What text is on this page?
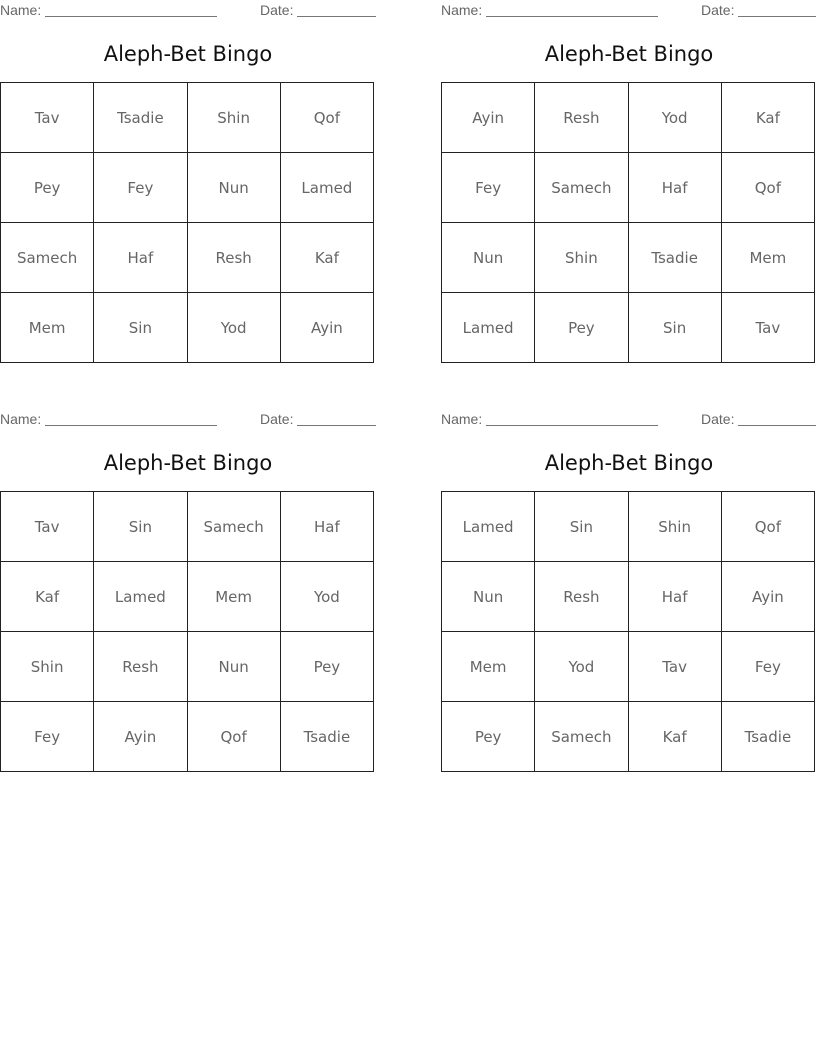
Name:	Date:
Aleph-Bet Bingo
Tav	Tsadie	Shin	Qof
Pey	Fey	Nun	Lamed
Samech	Haf	Resh	Kaf
Mem	Sin	Yod	Ayin
Name:	Date:
Aleph-Bet Bingo
Ayin	Resh	Yod	Kaf
Fey	Samech	Haf	Qof
Nun	Shin	Tsadie	Mem
Lamed	Pey	Sin	Tav
Name:	Date:
Aleph-Bet Bingo
Tav	Sin	Samech	Haf
Kaf	Lamed	Mem	Yod
Shin	Resh	Nun	Pey
Fey	Ayin	Qof	Tsadie
Name:	Date:
Aleph-Bet Bingo
Lamed	Sin	Shin	Qof
Nun	Resh	Haf	Ayin
Mem	Yod	Tav	Fey
Pey	Samech	Kaf	Tsadie
